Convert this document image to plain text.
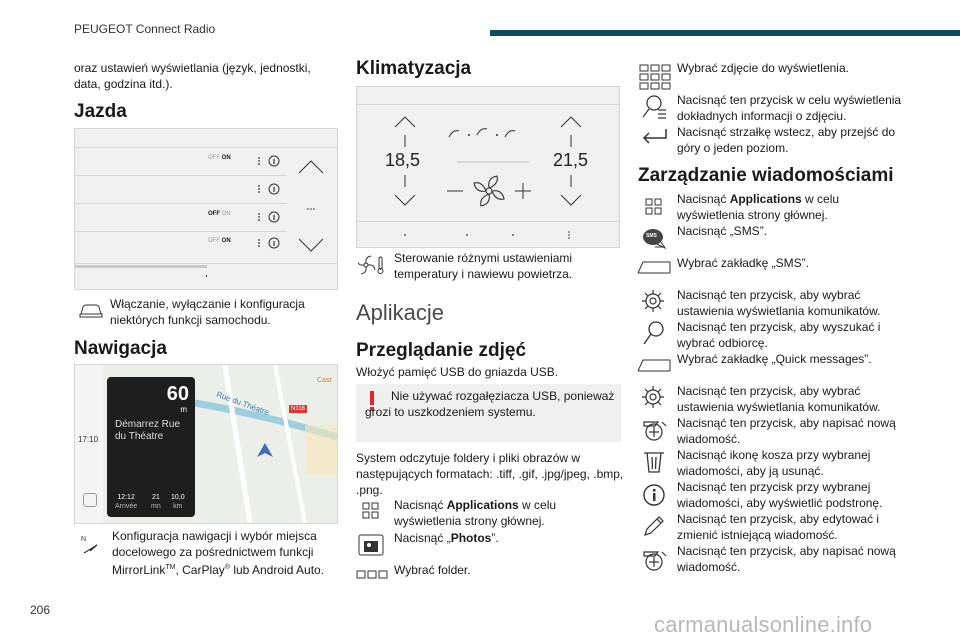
PEUGEOT Connect Radio
206
carmanualsonline.info

oraz ustawień wyświetlania (język, jednostki, data, godzina itd.).

Jazda
OFF ON
OFF ON
OFF ON

Włączanie, wyłączanie i konfiguracja niektórych funkcji samochodu.

Nawigacja
N118
Rue du Théatre
Cast
17:10
60
m
Démarrez Rue du Théatre
12:12
Arrivée
21
mn
10,0
km
N Konfiguracja nawigacji i wybór miejsca docelowego za pośrednictwem funkcji MirrorLink™, CarPlay® lub Android Auto.

Klimatyzacja
18,5	21,5

Sterowanie różnymi ustawieniami temperatury i nawiewu powietrza.

Aplikacje
Przeglądanie zdjęć

Włożyć pamięć USB do gniazda USB.

Nie używać rozgałęziacza USB, ponieważ grozi to uszkodzeniem systemu.

System odczytuje foldery i pliki obrazów w następujących formatach: .tiff, .gif, .jpg/jpeg, .bmp, .png.

Nacisnąć Applications w celu wyświetlenia strony głównej.

Nacisnąć „Photos”.

Wybrać folder.

Wybrać zdjęcie do wyświetlenia.

Nacisnąć ten przycisk w celu wyświetlenia dokładnych informacji o zdjęciu.

Nacisnąć strzałkę wstecz, aby przejść do góry o jeden poziom.

Zarządzanie wiadomościami

Nacisnąć Applications w celu wyświetlenia strony głównej.

SMS Nacisnąć „SMS”.

Wybrać zakładkę „SMS”.

Nacisnąć ten przycisk, aby wybrać ustawienia wyświetlania komunikatów.

Nacisnąć ten przycisk, aby wyszukać i wybrać odbiorcę.

Wybrać zakładkę „Quick messages”.

Nacisnąć ten przycisk, aby wybrać ustawienia wyświetlania komunikatów.

Nacisnąć ten przycisk, aby napisać nową wiadomość.

Nacisnąć ikonę kosza przy wybranej wiadomości, aby ją usunąć.

Nacisnąć ten przycisk przy wybranej wiadomości, aby wyświetlić podstronę.

Nacisnąć ten przycisk, aby edytować i zmienić istniejącą wiadomość.

Nacisnąć ten przycisk, aby napisać nową wiadomość.
